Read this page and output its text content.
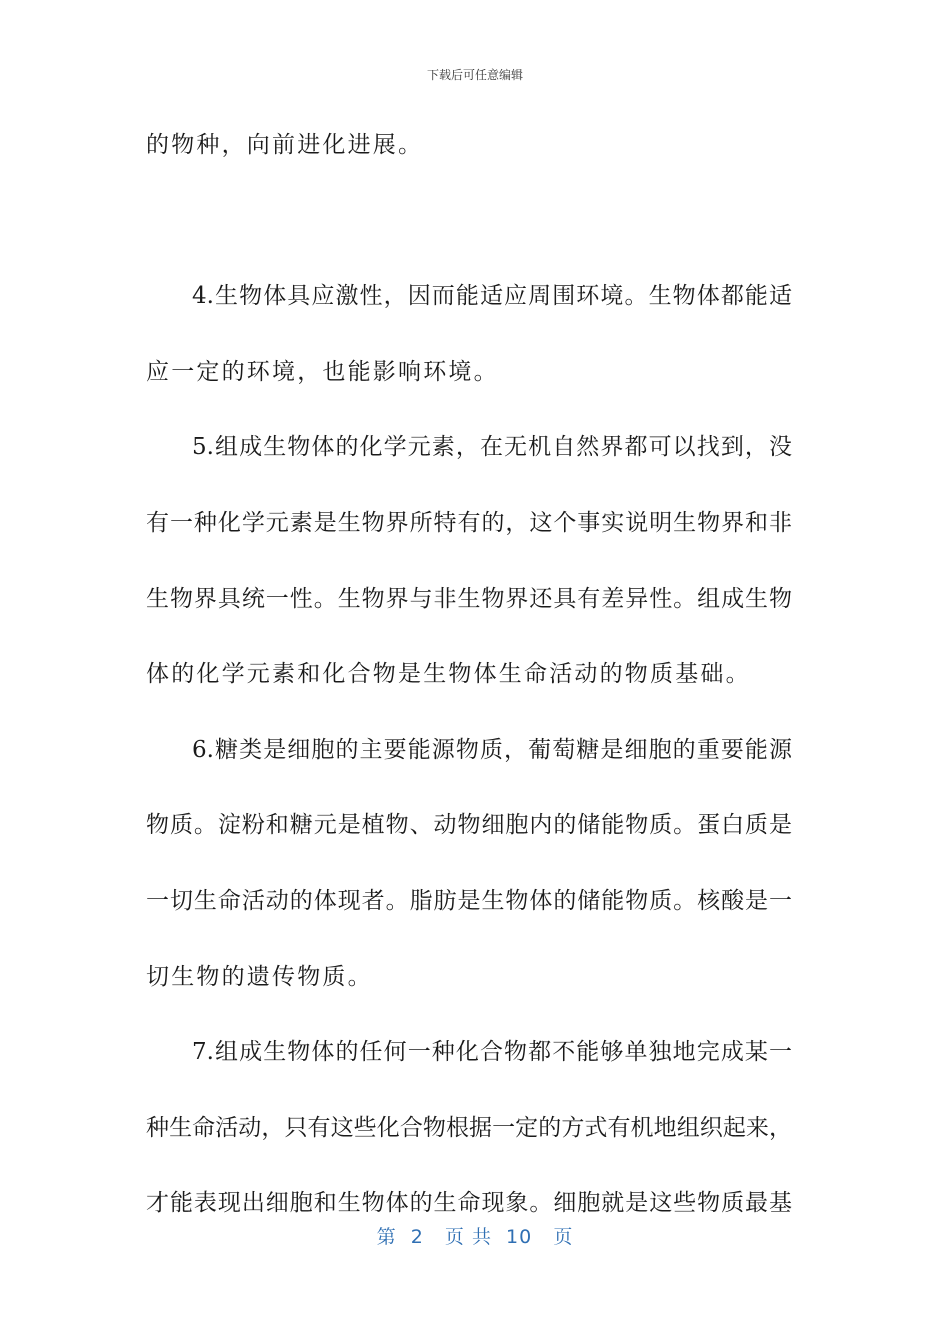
下载后可任意编辑
的物种，向前进化进展。
4.生物体具应激性，因而能适应周围环境。生物体都能适
应一定的环境，也能影响环境。
5.组成生物体的化学元素，在无机自然界都可以找到，没
有一种化学元素是生物界所特有的，这个事实说明生物界和非
生物界具统一性。生物界与非生物界还具有差异性。组成生物
体的化学元素和化合物是生物体生命活动的物质基础。
6.糖类是细胞的主要能源物质，葡萄糖是细胞的重要能源
物质。淀粉和糖元是植物、动物细胞内的储能物质。蛋白质是
一切生命活动的体现者。脂肪是生物体的储能物质。核酸是一
切生物的遗传物质。
7.组成生物体的任何一种化合物都不能够单独地完成某一
种生命活动，只有这些化合物根据一定的方式有机地组织起来，
才能表现出细胞和生物体的生命现象。细胞就是这些物质最基
第  2   页 共  10   页
